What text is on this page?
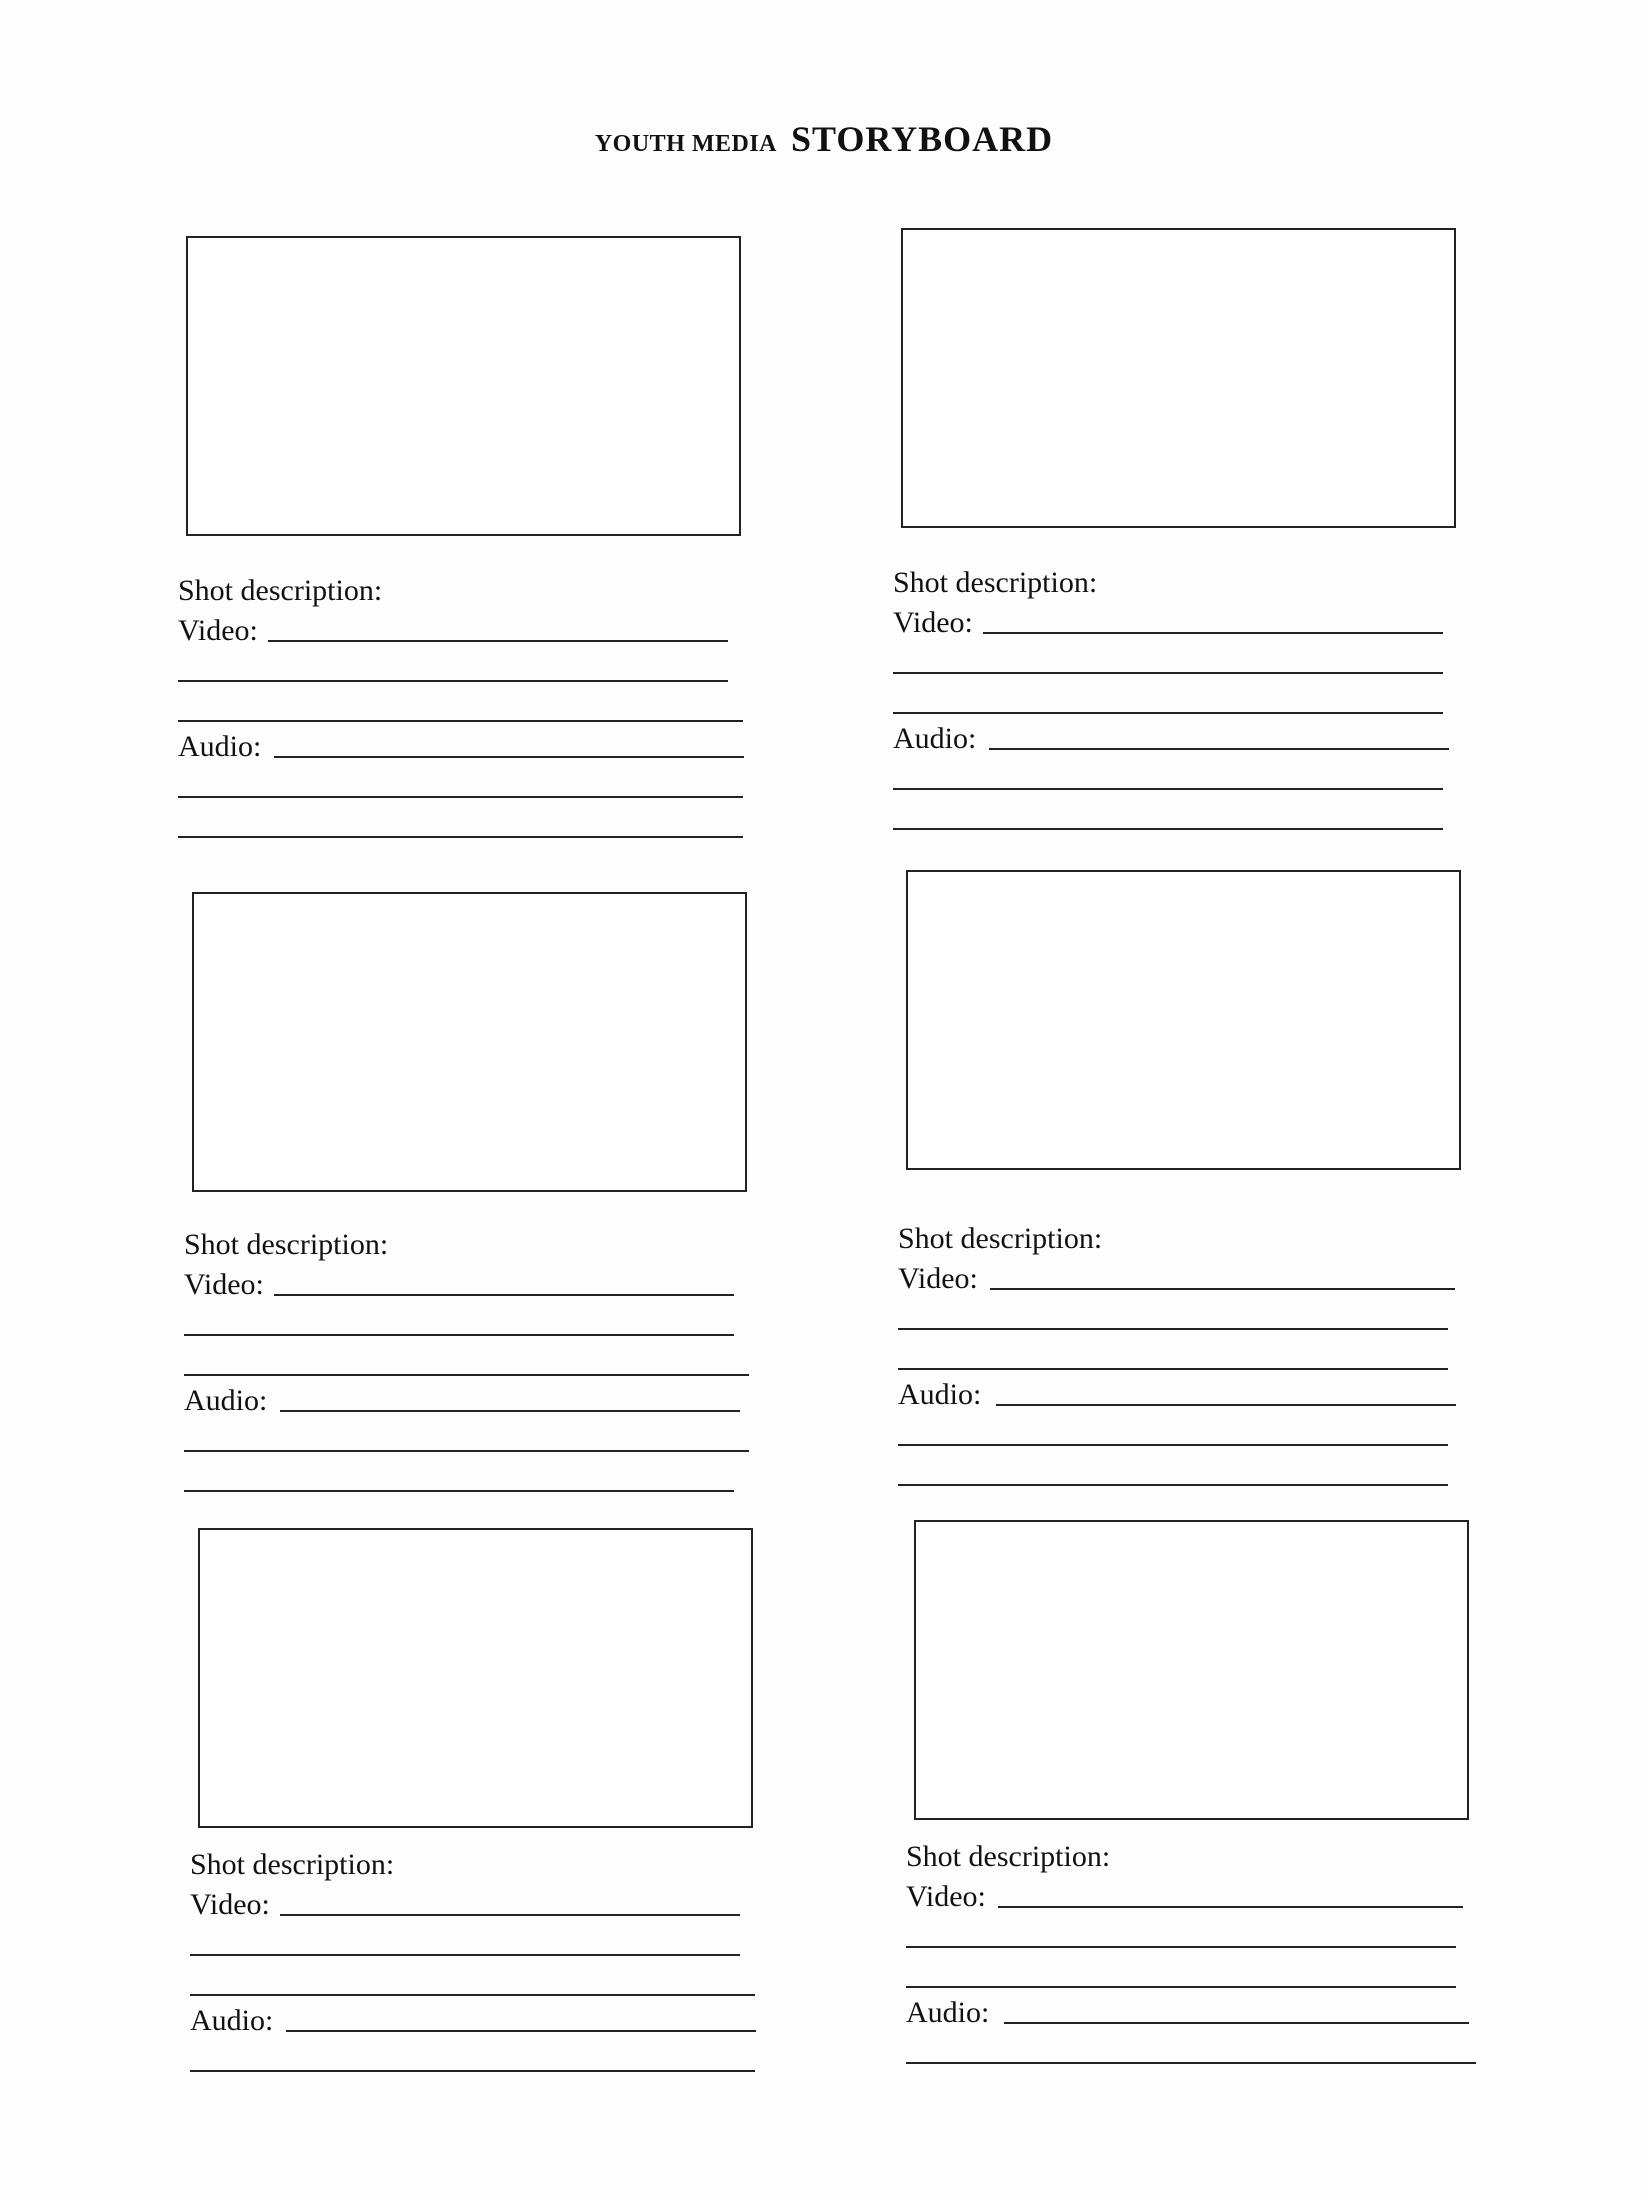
YOUTH MEDIA STORYBOARD
Shot description:
Video:
Audio:
Shot description:
Video:
Audio:
Shot description:
Video:
Audio:
Shot description:
Video:
Audio:
Shot description:
Video:
Audio:
Shot description:
Video:
Audio:
